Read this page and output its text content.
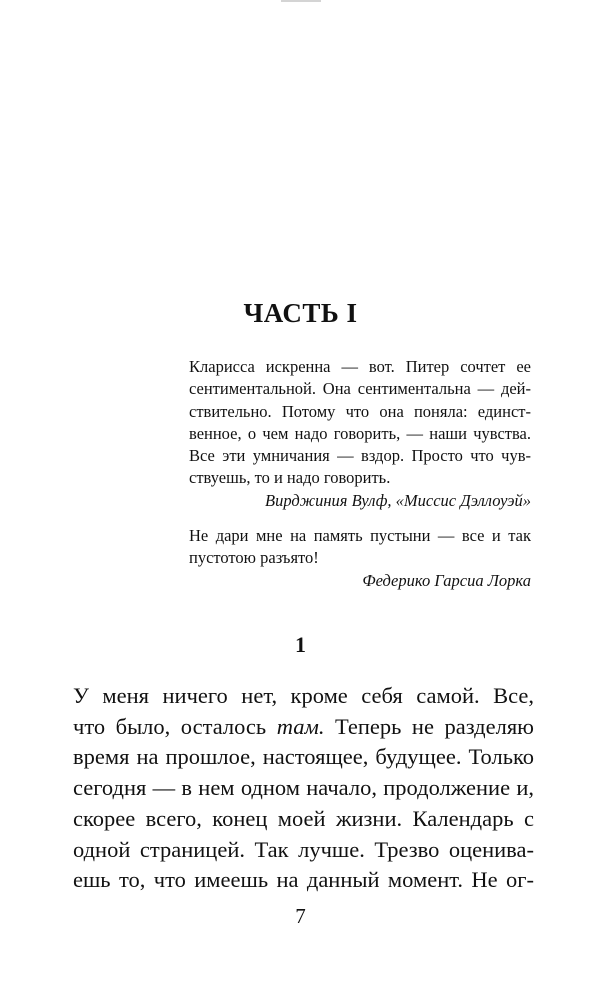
ЧАСТЬ I
Кларисса искренна — вот. Питер сочтет ее
сентиментальной. Она сентиментальна — дей-
ствительно. Потому что она поняла: единст-
венное, о чем надо говорить, — наши чувства.
Все эти умничания — вздор. Просто что чув-
ствуешь, то и надо говорить.
Вирджиния Вулф, «Миссис Дэллоуэй»
Не дари мне на память пустыни — все и так
пустотою разъято!
Федерико Гарсиа Лорка
1
У меня ничего нет, кроме себя самой. Все,
что было, осталось там. Теперь не разделяю
время на прошлое, настоящее, будущее. Только
сегодня — в нем одном начало, продолжение и,
скорее всего, конец моей жизни. Календарь с
одной страницей. Так лучше. Трезво оценива-
ешь то, что имеешь на данный момент. Не ог-
7
